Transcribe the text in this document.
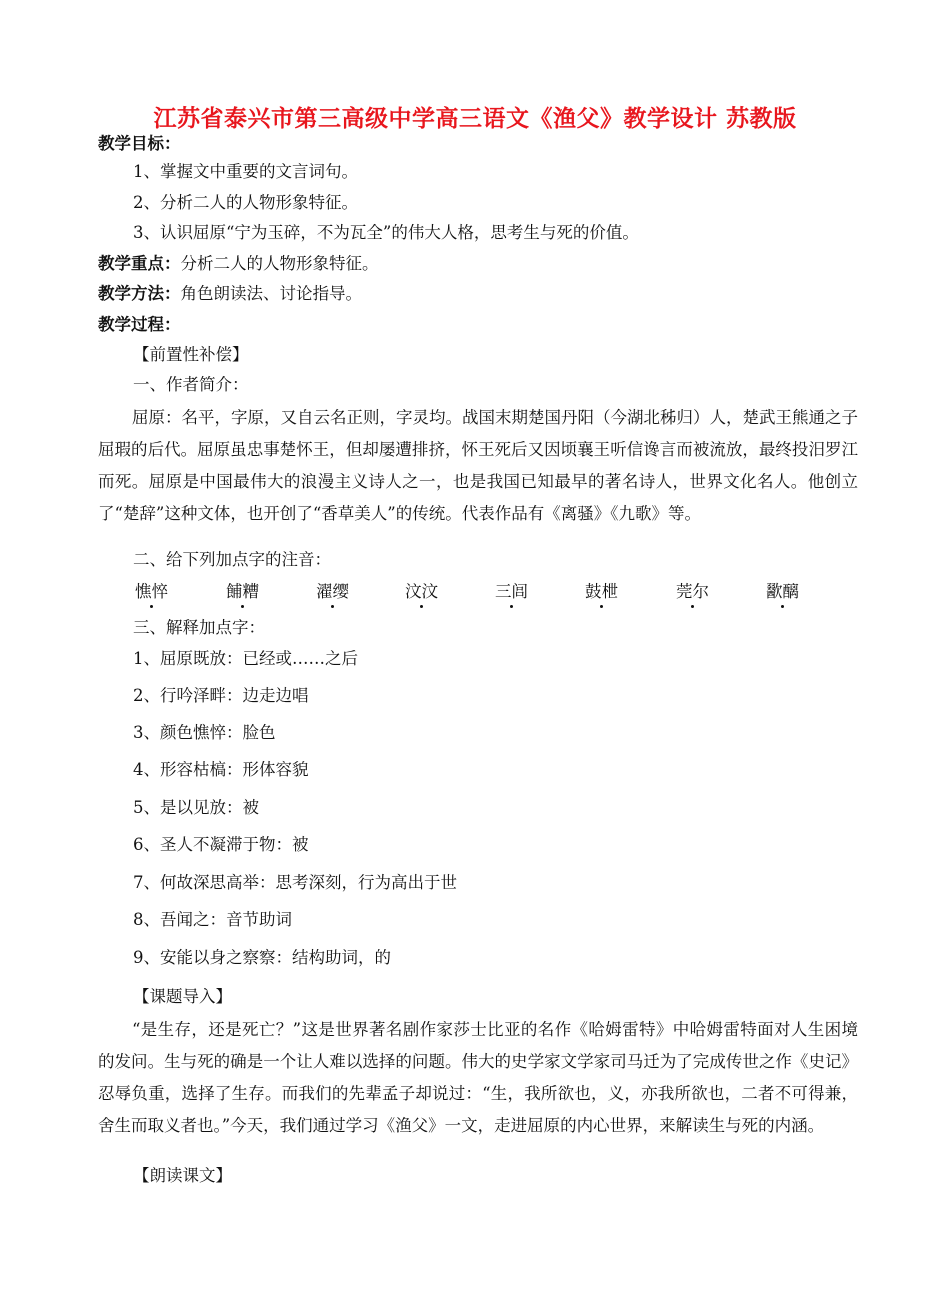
江苏省泰兴市第三高级中学高三语文《渔父》教学设计 苏教版
教学目标：
1、掌握文中重要的文言词句。
2、分析二人的人物形象特征。
3、认识屈原“宁为玉碎，不为瓦全”的伟大人格，思考生与死的价值。
教学重点：分析二人的人物形象特征。
教学方法：角色朗读法、讨论指导。
教学过程：
【前置性补偿】
一、作者简介：
屈原：名平，字原，又自云名正则，字灵均。战国末期楚国丹阳（今湖北秭归）人，楚武王熊通之子屈瑕的后代。屈原虽忠事楚怀王，但却屡遭排挤，怀王死后又因顷襄王听信谗言而被流放，最终投汨罗江而死。屈原是中国最伟大的浪漫主义诗人之一，也是我国已知最早的著名诗人，世界文化名人。他创立了“楚辞”这种文体，也开创了“香草美人”的传统。代表作品有《离骚》《九歌》等。
二、给下列加点字的注音：
憔悴	餔糟	濯缨	汶汶	三闾	鼓枻	莞尔	歠醨
三、解释加点字：
1、屈原既放：已经或……之后
2、行吟泽畔：边走边唱
3、颜色憔悴：脸色
4、形容枯槁：形体容貌
5、是以见放：被
6、圣人不凝滞于物：被
7、何故深思高举：思考深刻，行为高出于世
8、吾闻之：音节助词
9、安能以身之察察：结构助词，的
【课题导入】
“是生存，还是死亡？”这是世界著名剧作家莎士比亚的名作《哈姆雷特》中哈姆雷特面对人生困境的发问。生与死的确是一个让人难以选择的问题。伟大的史学家文学家司马迁为了完成传世之作《史记》忍辱负重，选择了生存。而我们的先辈孟子却说过：“生，我所欲也，义，亦我所欲也，二者不可得兼，舍生而取义者也。”今天，我们通过学习《渔父》一文，走进屈原的内心世界，来解读生与死的内涵。
【朗读课文】
